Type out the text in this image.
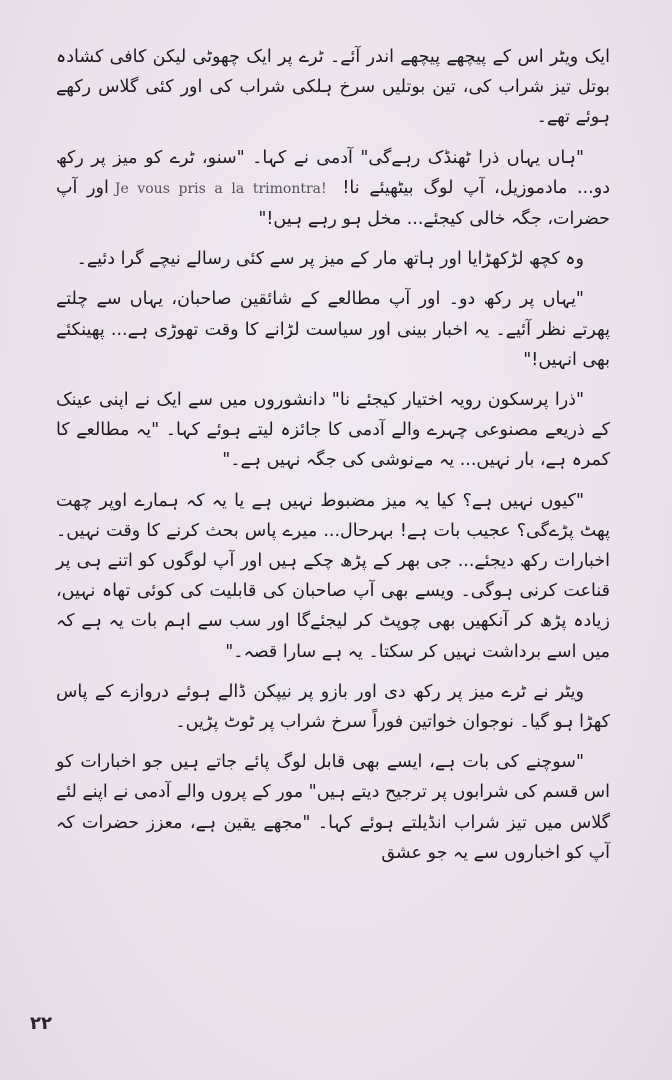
ایک ویٹر اس کے پیچھے پیچھے اندر آئے۔ ٹرے پر ایک چھوٹی لیکن کافی کشادہ بوتل تیز شراب کی، تین بوتلیں سرخ ہلکی شراب کی اور کئی گلاس رکھے ہوئے تھے۔

"ہاں یہاں ذرا ٹھنڈک رہےگی" آدمی نے کہا۔ "سنو، ٹرے کو میز پر رکھ دو... مادموزیل، آپ لوگ بیٹھیئے نا! Je vous pris a la trimontra!اور آپ حضرات، جگہ خالی کیجئے... مخل ہو رہے ہیں!"

وہ کچھ لڑکھڑایا اور ہاتھ مار کے میز پر سے کئی رسالے نیچے گرا دئیے۔

"یہاں پر رکھ دو۔ اور آپ مطالعے کے شائقین صاحبان، یہاں سے چلتے پھرتے نظر آئیے۔ یہ اخبار بینی اور سیاست لڑانے کا وقت تھوڑی ہے... پھینکئے بھی انہیں!"

"ذرا پرسکون رویہ اختیار کیجئے نا" دانشوروں میں سے ایک نے اپنی عینک کے ذریعے مصنوعی چہرے والے آدمی کا جائزہ لیتے ہوئے کہا۔ "یہ مطالعے کا کمرہ ہے، بار نہیں... یہ مےنوشی کی جگہ نہیں ہے۔"

"کیوں نہیں ہے؟ کیا یہ میز مضبوط نہیں ہے یا یہ کہ ہمارے اوپر چھت پھٹ پڑےگی؟ عجیب بات ہے! بہرحال... میرے پاس بحث کرنے کا وقت نہیں۔ اخبارات رکھ دیجئے... جی بھر کے پڑھ چکے ہیں اور آپ لوگوں کو اتنے ہی پر قناعت کرنی ہوگی۔ ویسے بھی آپ صاحبان کی قابلیت کی کوئی تھاہ نہیں، زیادہ پڑھ کر آنکھیں بھی چوپٹ کر لیجئےگا اور سب سے اہم بات یہ ہے کہ میں اسے برداشت نہیں کر سکتا۔ یہ ہے سارا قصہ۔"

ویٹر نے ٹرے میز پر رکھ دی اور بازو پر نیپکن ڈالے ہوئے دروازے کے پاس کھڑا ہو گیا۔ نوجوان خواتین فوراً سرخ شراب پر ٹوٹ پڑیں۔

"سوچنے کی بات ہے، ایسے بھی قابل لوگ پائے جاتے ہیں جو اخبارات کو اس قسم کی شرابوں پر ترجیح دیتے ہیں" مور کے پروں والے آدمی نے اپنے لئے گلاس میں تیز شراب انڈیلتے ہوئے کہا۔ "مجھے یقین ہے، معزز حضرات کہ آپ کو اخباروں سے یہ جو عشق

۲۲
